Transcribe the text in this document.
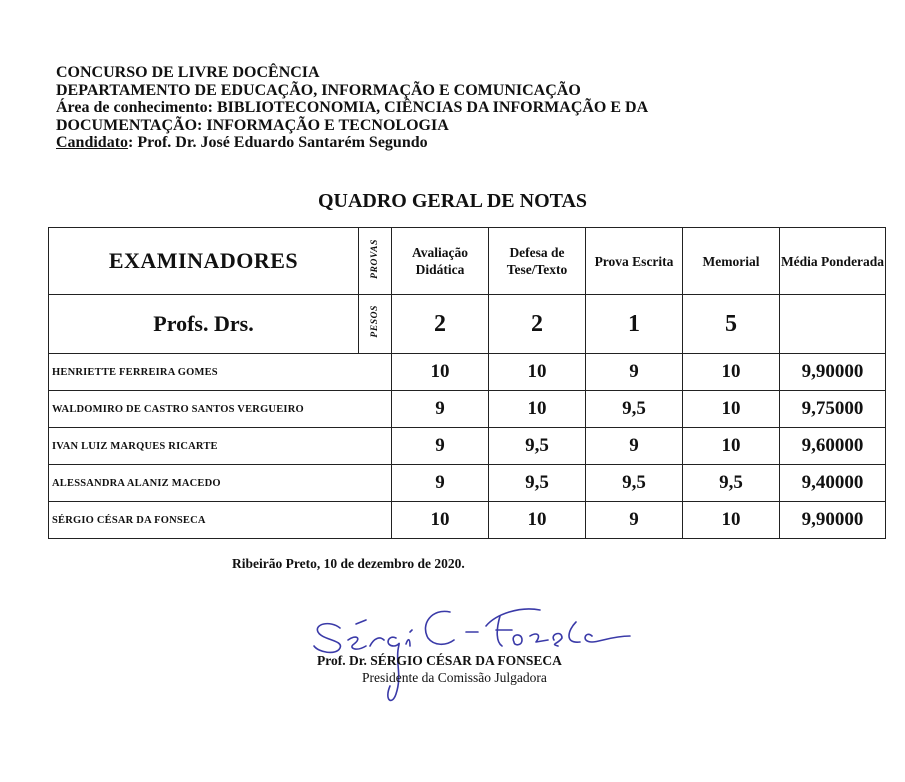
CONCURSO DE LIVRE DOCÊNCIA
DEPARTAMENTO DE EDUCAÇÃO, INFORMAÇÃO E COMUNICAÇÃO
Área de conhecimento: BIBLIOTECONOMIA, CIÊNCIAS DA INFORMAÇÃO E DA
DOCUMENTAÇÃO: INFORMAÇÃO E TECNOLOGIA
Candidato: Prof. Dr. José Eduardo Santarém Segundo
QUADRO GERAL DE NOTAS
EXAMINADORES	PROVAS	Avaliação Didática	Defesa de Tese/Texto	Prova Escrita	Memorial	Média Ponderada
Profs. Drs.	PESOS	2	2	1	5	
HENRIETTE FERREIRA GOMES		10	10	9	10	9,90000
WALDOMIRO DE CASTRO SANTOS VERGUEIRO		9	10	9,5	10	9,75000
IVAN LUIZ MARQUES RICARTE		9	9,5	9	10	9,60000
ALESSANDRA ALANIZ MACEDO		9	9,5	9,5	9,5	9,40000
SÉRGIO CÉSAR DA FONSECA		10	10	9	10	9,90000
Ribeirão Preto, 10 de dezembro de 2020.
Prof. Dr. SÉRGIO CÉSAR DA FONSECA
Presidente da Comissão Julgadora
